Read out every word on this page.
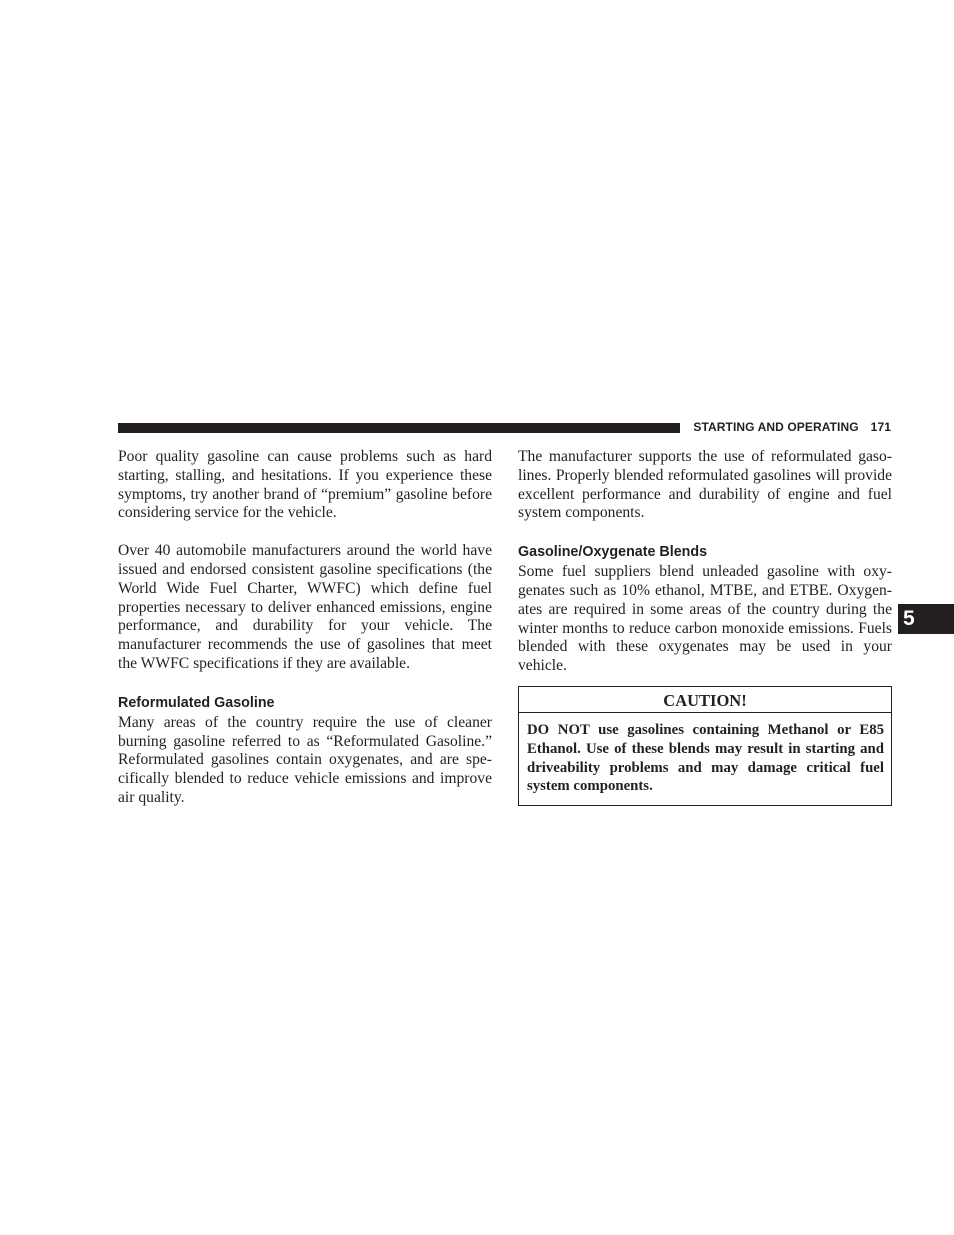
STARTING AND OPERATING 171

Poor quality gasoline can cause problems such as hard starting, stalling, and hesitations. If you experience these symptoms, try another brand of “premium” gasoline before considering service for the vehicle.

Over 40 automobile manufacturers around the world have issued and endorsed consistent gasoline specifications (the World Wide Fuel Charter, WWFC) which define fuel properties necessary to deliver enhanced emissions, engine performance, and durability for your vehicle. The manufacturer recommends the use of gasolines that meet the WWFC specifications if they are available.

Reformulated Gasoline

Many areas of the country require the use of cleaner burning gasoline referred to as “Reformulated Gasoline.” Reformulated gasolines contain oxygenates, and are specifically blended to reduce vehicle emissions and improve air quality.

The manufacturer supports the use of reformulated gasolines. Properly blended reformulated gasolines will provide excellent performance and durability of engine and fuel system components.

Gasoline/Oxygenate Blends

Some fuel suppliers blend unleaded gasoline with oxygenates such as 10% ethanol, MTBE, and ETBE. Oxygenates are required in some areas of the country during the winter months to reduce carbon monoxide emissions. Fuels blended with these oxygenates may be used in your vehicle.

CAUTION!
DO NOT use gasolines containing Methanol or E85 Ethanol. Use of these blends may result in starting and driveability problems and may damage critical fuel system components.
5
